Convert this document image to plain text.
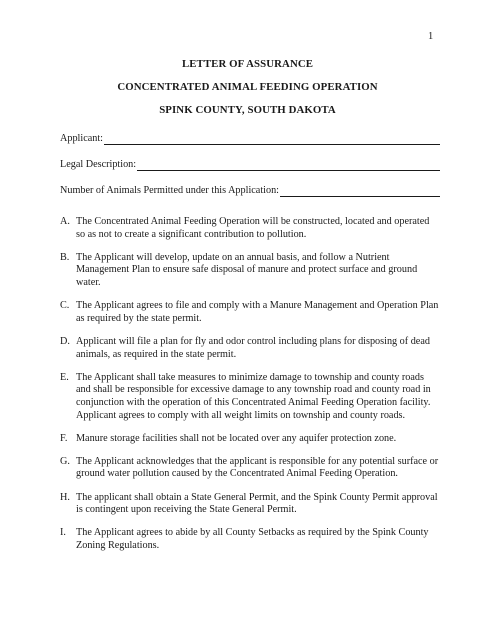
1
LETTER OF ASSURANCE
CONCENTRATED ANIMAL FEEDING OPERATION
SPINK COUNTY, SOUTH DAKOTA
Applicant:
Legal Description:
Number of Animals Permitted under this Application:
A. The Concentrated Animal Feeding Operation will be constructed, located and operated so as not to create a significant contribution to pollution.
B. The Applicant will develop, update on an annual basis, and follow a Nutrient Management Plan to ensure safe disposal of manure and protect surface and ground water.
C. The Applicant agrees to file and comply with a Manure Management and Operation Plan as required by the state permit.
D. Applicant will file a plan for fly and odor control including plans for disposing of dead animals, as required in the state permit.
E. The Applicant shall take measures to minimize damage to township and county roads and shall be responsible for excessive damage to any township road and county road in conjunction with the operation of this Concentrated Animal Feeding Operation facility. Applicant agrees to comply with all weight limits on township and county roads.
F. Manure storage facilities shall not be located over any aquifer protection zone.
G. The Applicant acknowledges that the applicant is responsible for any potential surface or ground water pollution caused by the Concentrated Animal Feeding Operation.
H. The applicant shall obtain a State General Permit, and the Spink County Permit approval is contingent upon receiving the State General Permit.
I. The Applicant agrees to abide by all County Setbacks as required by the Spink County Zoning Regulations.
